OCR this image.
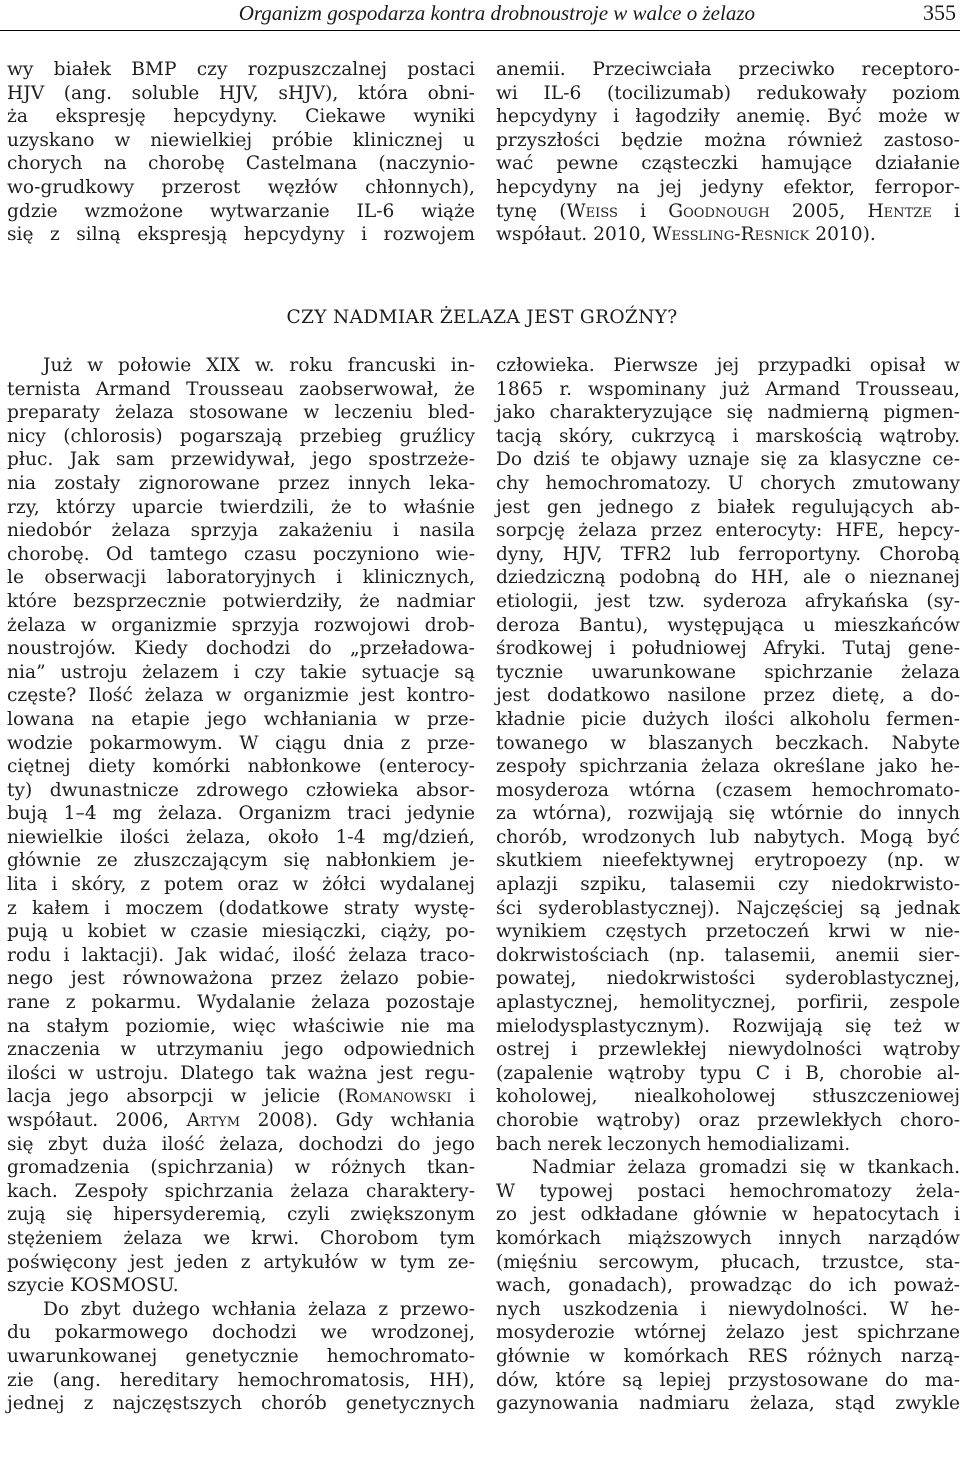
Organizm gospodarza kontra drobnoustroje w walce o żelazo	355
wy białek BMP czy rozpuszczalnej postaci
HJV (ang. soluble HJV, sHJV), która obni-
ża ekspresję hepcydyny. Ciekawe wyniki
uzyskano w niewielkiej próbie klinicznej u
chorych na chorobę Castelmana (naczynio-
wo-grudkowy przerost węzłów chłonnych),
gdzie wzmożone wytwarzanie IL-6 wiąże
się z silną ekspresją hepcydyny i rozwojem
anemii. Przeciwciała przeciwko receptoro-
wi IL-6 (tocilizumab) redukowały poziom
hepcydyny i łagodziły anemię. Być może w
przyszłości będzie można również zastoso-
wać pewne cząsteczki hamujące działanie
hepcydyny na jej jedyny efektor, ferropor-
tynę (Weiss i Goodnough 2005, Hentze i
współaut. 2010, Wessling-Resnick 2010).
CZY NADMIAR ŻELAZA JEST GROŹNY?
Już w połowie XIX w. roku francuski in-
ternista Armand Trousseau zaobserwował, że
preparaty żelaza stosowane w leczeniu bled-
nicy (chlorosis) pogarszają przebieg gruźlicy
płuc. Jak sam przewidywał, jego spostrzeże-
nia zostały zignorowane przez innych leka-
rzy, którzy uparcie twierdzili, że to właśnie
niedobór żelaza sprzyja zakażeniu i nasila
chorobę. Od tamtego czasu poczyniono wie-
le obserwacji laboratoryjnych i klinicznych,
które bezsprzecznie potwierdziły, że nadmiar
żelaza w organizmie sprzyja rozwojowi drob-
noustrojów. Kiedy dochodzi do „przeładowa-
nia” ustroju żelazem i czy takie sytuacje są
częste? Ilość żelaza w organizmie jest kontro-
lowana na etapie jego wchłaniania w prze-
wodzie pokarmowym. W ciągu dnia z prze-
ciętnej diety komórki nabłonkowe (enterocy-
ty) dwunastnicze zdrowego człowieka absor-
bują 1–4 mg żelaza. Organizm traci jedynie
niewielkie ilości żelaza, około 1-4 mg/dzień,
głównie ze złuszczającym się nabłonkiem je-
lita i skóry, z potem oraz w żółci wydalanej
z kałem i moczem (dodatkowe straty wystę-
pują u kobiet w czasie miesiączki, ciąży, po-
rodu i laktacji). Jak widać, ilość żelaza traco-
nego jest równoważona przez żelazo pobie-
rane z pokarmu. Wydalanie żelaza pozostaje
na stałym poziomie, więc właściwie nie ma
znaczenia w utrzymaniu jego odpowiednich
ilości w ustroju. Dlatego tak ważna jest regu-
lacja jego absorpcji w jelicie (Romanowski i
współaut. 2006, Artym 2008). Gdy wchłania
się zbyt duża ilość żelaza, dochodzi do jego
gromadzenia (spichrzania) w różnych tkan-
kach. Zespoły spichrzania żelaza charaktery-
zują się hipersyderemią, czyli zwiększonym
stężeniem żelaza we krwi. Chorobom tym
poświęcony jest jeden z artykułów w tym ze-
szycie KOSMOSU.
Do zbyt dużego wchłania żelaza z przewo-
du pokarmowego dochodzi we wrodzonej,
uwarunkowanej genetycznie hemochromato-
zie (ang. hereditary hemochromatosis, HH),
jednej z najczęstszych chorób genetycznych
człowieka. Pierwsze jej przypadki opisał w
1865 r. wspominany już Armand Trousseau,
jako charakteryzujące się nadmierną pigmen-
tacją skóry, cukrzycą i marskością wątroby.
Do dziś te objawy uznaje się za klasyczne ce-
chy hemochromatozy. U chorych zmutowany
jest gen jednego z białek regulujących ab-
sorpcję żelaza przez enterocyty: HFE, hepcy-
dyny, HJV, TFR2 lub ferroportyny. Chorobą
dziedziczną podobną do HH, ale o nieznanej
etiologii, jest tzw. syderoza afrykańska (sy-
deroza Bantu), występująca u mieszkańców
środkowej i południowej Afryki. Tutaj gene-
tycznie uwarunkowane spichrzanie żelaza
jest dodatkowo nasilone przez dietę, a do-
kładnie picie dużych ilości alkoholu fermen-
towanego w blaszanych beczkach. Nabyte
zespoły spichrzania żelaza określane jako he-
mosyderoza wtórna (czasem hemochromato-
za wtórna), rozwijają się wtórnie do innych
chorób, wrodzonych lub nabytych. Mogą być
skutkiem nieefektywnej erytropoezy (np. w
aplazji szpiku, talasemii czy niedokrwisto-
ści syderoblastycznej). Najczęściej są jednak
wynikiem częstych przetoczeń krwi w nie-
dokrwistościach (np. talasemii, anemii sier-
powatej, niedokrwistości syderoblastycznej,
aplastycznej, hemolitycznej, porfirii, zespole
mielodysplastycznym). Rozwijają się też w
ostrej i przewlekłej niewydolności wątroby
(zapalenie wątroby typu C i B, chorobie al-
koholowej, niealkoholowej stłuszczeniowej
chorobie wątroby) oraz przewlekłych choro-
bach nerek leczonych hemodializami.
Nadmiar żelaza gromadzi się w tkankach.
W typowej postaci hemochromatozy żela-
zo jest odkładane głównie w hepatocytach i
komórkach miąższowych innych narządów
(mięśniu sercowym, płucach, trzustce, sta-
wach, gonadach), prowadząc do ich poważ-
nych uszkodzenia i niewydolności. W he-
mosyderozie wtórnej żelazo jest spichrzane
głównie w komórkach RES różnych narzą-
dów, które są lepiej przystosowane do ma-
gazynowania nadmiaru żelaza, stąd zwykle
